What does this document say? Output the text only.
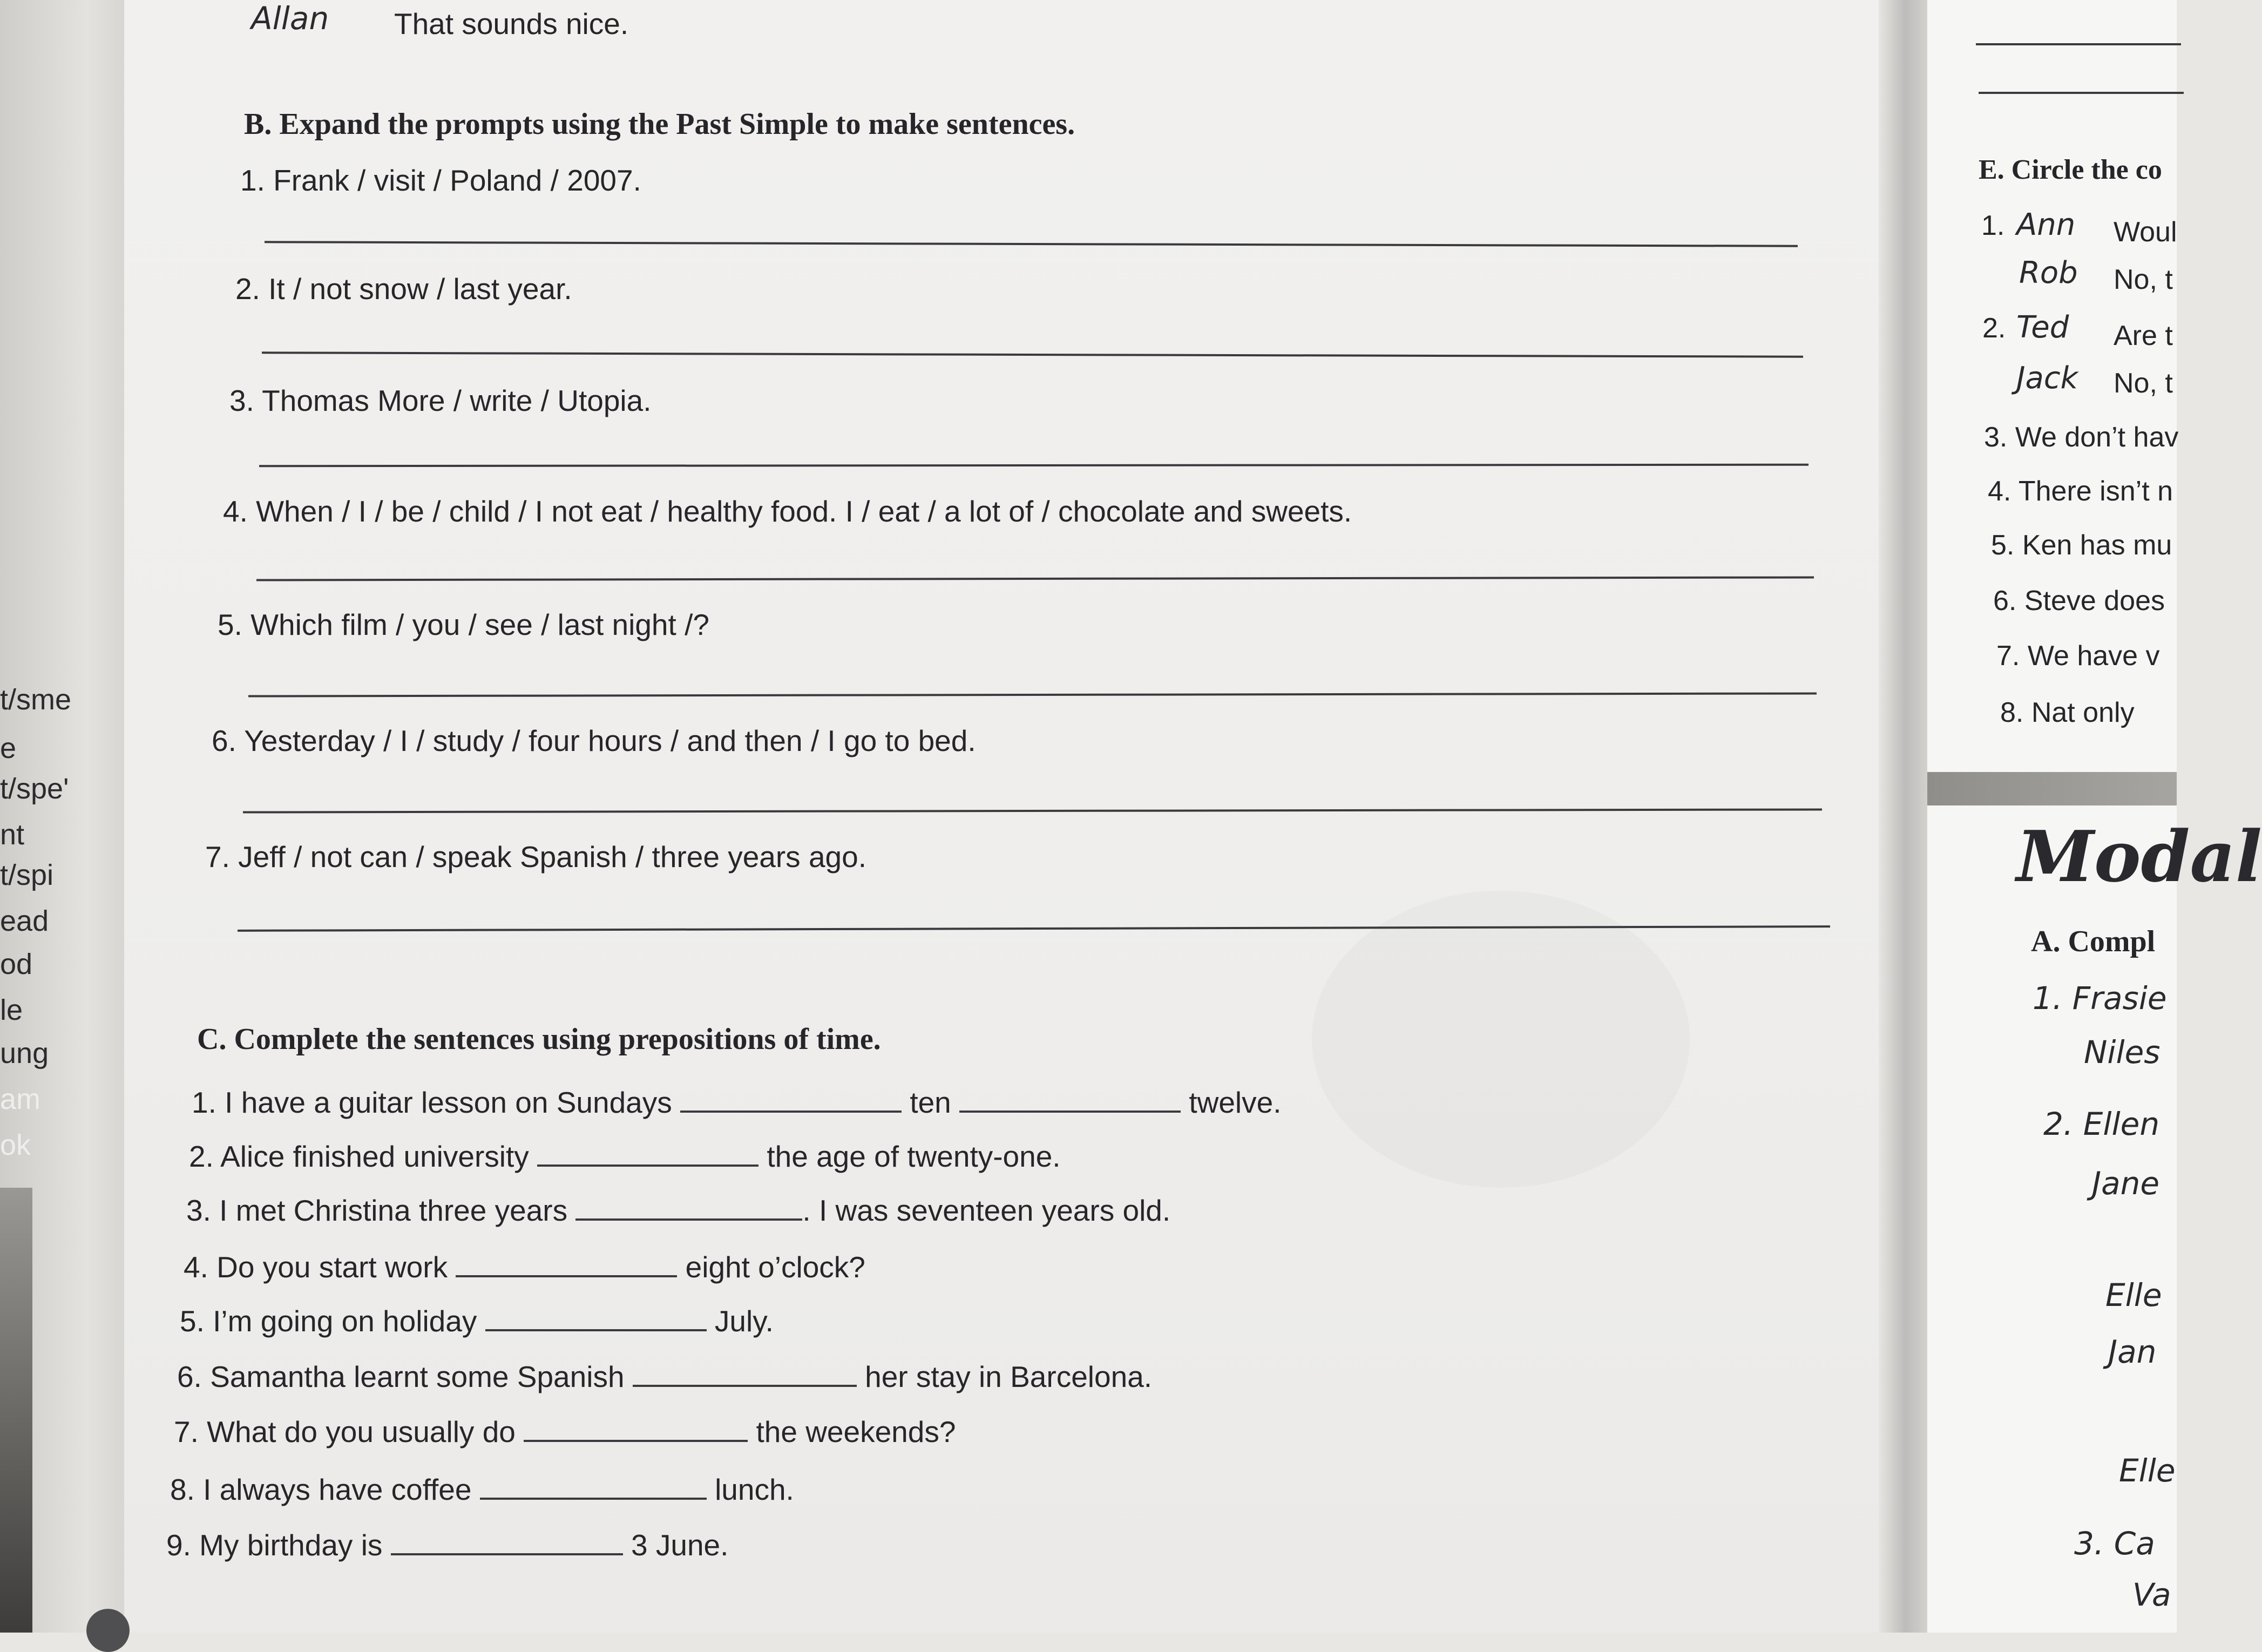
t/sme
e
t/spe'
nt
t/spi
ead
od
le
ung
am
ok
Allan That sounds nice.
B. Expand the prompts using the Past Simple to make sentences.
1. Frank / visit / Poland / 2007.
2. It / not snow / last year.
3. Thomas More / write / Utopia.
4. When / I / be / child / I not eat / healthy food. I / eat / a lot of / chocolate and sweets.
5. Which film / you / see / last night /?
6. Yesterday / I / study / four hours / and then / I go to bed.
7. Jeff / not can / speak Spanish / three years ago.
C. Complete the sentences using prepositions of time.
1. I have a guitar lesson on Sundays	ten	twelve.
2. Alice finished university	the age of twenty-one.
3. I met Christina three years	. I was seventeen years old.
4. Do you start work	eight o’clock?
5. I’m going on holiday	July.
6. Samantha learnt some Spanish	her stay in Barcelona.
7. What do you usually do	the weekends?
8. I always have coffee	lunch.
9. My birthday is	3 June.
E. Circle the co
1. Ann Woul
Rob No, t
2. Ted Are t
Jack No, t
3. We don’t hav
4. There isn’t n
5. Ken has mu
6. Steve does
7. We have v
8. Nat only
Modal
A. Compl
1. Frasie
Niles
2. Ellen
Jane
Elle
Jan
Elle
3. Ca
Va
